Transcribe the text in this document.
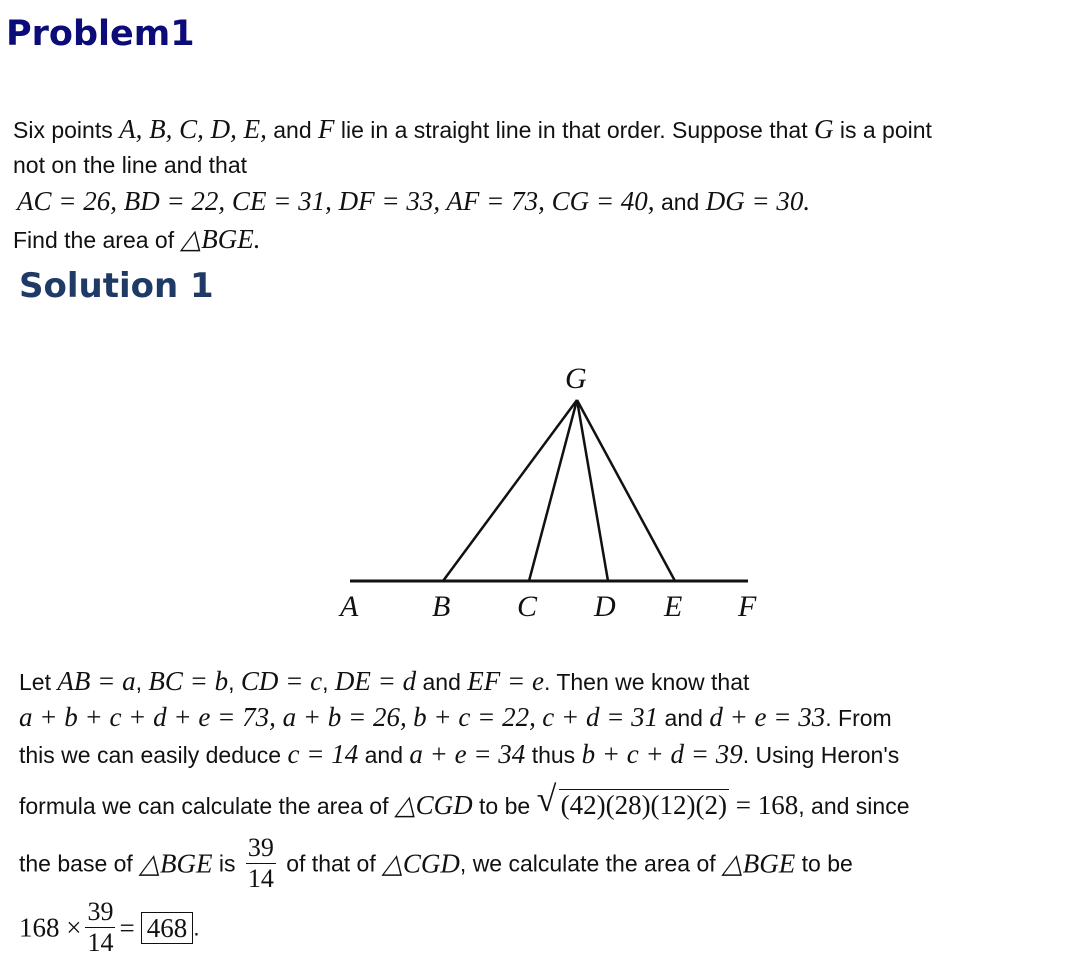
Problem1
Six points A, B, C, D, E, and F lie in a straight line in that order. Suppose that G is a point
not on the line and that
AC = 26, BD = 22, CE = 31, DF = 33, AF = 73, CG = 40, and DG = 30.
Find the area of △BGE.
Solution 1
G
A B C D E F
Let AB = a, BC = b, CD = c, DE = d and EF = e. Then we know that
a + b + c + d + e = 73, a + b = 26, b + c = 22, c + d = 31 and d + e = 33. From
this we can easily deduce c = 14 and a + e = 34 thus b + c + d = 39. Using Heron's
formula we can calculate the area of △CGD to be √ (42)(28)(12)(2) = 168, and since
the base of △BGE is $\frac{39}{14}$ of that of △CGD, we calculate the area of △BGE to be
$168 \times \frac{39}{14} = 468$ .
